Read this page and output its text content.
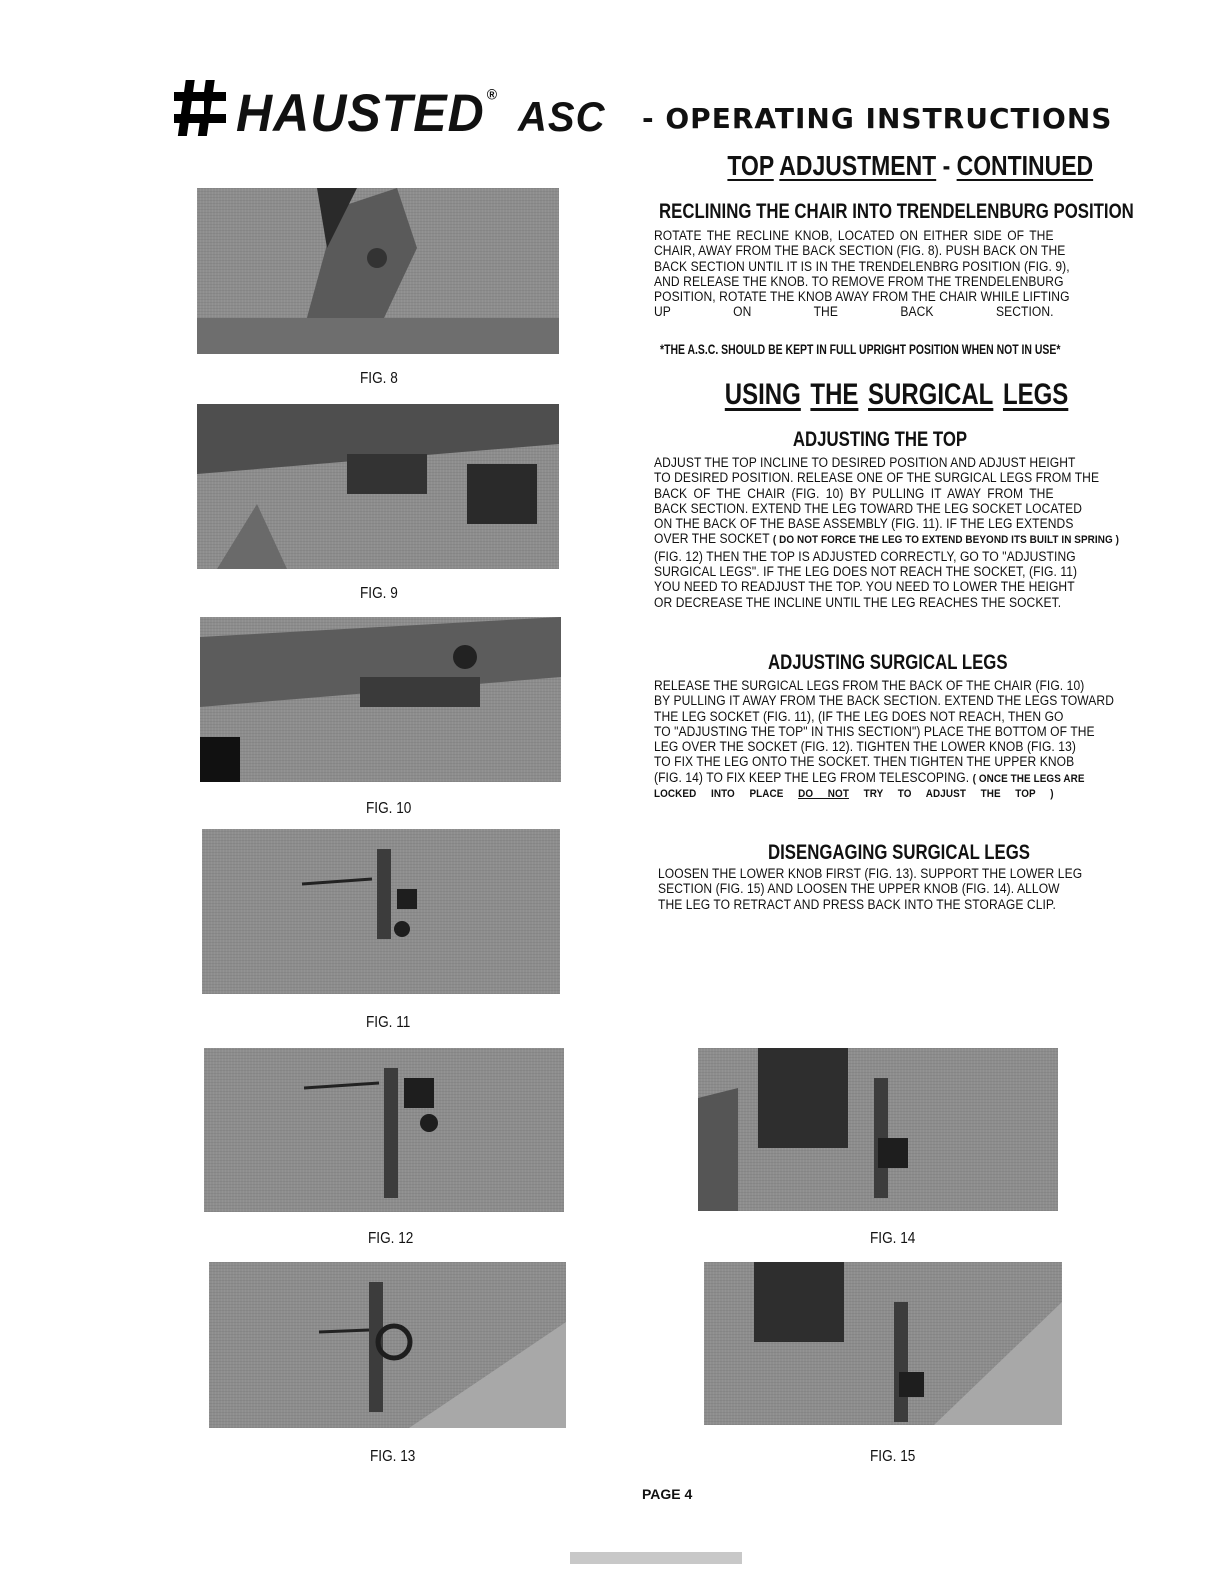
HAUSTED ®ASC - OPERATING INSTRUCTIONS
FIG. 8
FIG. 9
FIG. 10
FIG. 11
FIG. 12
FIG. 13
FIG. 14
FIG. 15
TOP ADJUSTMENT - CONTINUED
RECLINING THE CHAIR INTO TRENDELENBURG POSITION
ROTATE THE RECLINE KNOB, LOCATED ON EITHER SIDE OF THE
CHAIR, AWAY FROM THE BACK SECTION (FIG. 8). PUSH BACK ON THE
BACK SECTION UNTIL IT IS IN THE TRENDELENBRG POSITION (FIG. 9),
AND RELEASE THE KNOB. TO REMOVE FROM THE TRENDELENBURG
POSITION, ROTATE THE KNOB AWAY FROM THE CHAIR WHILE LIFTING
UP ON THE BACK SECTION.
*THE A.S.C. SHOULD BE KEPT IN FULL UPRIGHT POSITION WHEN NOT IN USE*
USING THE SURGICAL LEGS
ADJUSTING THE TOP
ADJUST THE TOP INCLINE TO DESIRED POSITION AND ADJUST HEIGHT
TO DESIRED POSITION. RELEASE ONE OF THE SURGICAL LEGS FROM THE
BACK OF THE CHAIR (FIG. 10) BY PULLING IT AWAY FROM THE
BACK SECTION. EXTEND THE LEG TOWARD THE LEG SOCKET LOCATED
ON THE BACK OF THE BASE ASSEMBLY (FIG. 11). IF THE LEG EXTENDS
OVER THE SOCKET ( DO NOT FORCE THE LEG TO EXTEND BEYOND ITS BUILT IN SPRING )
(FIG. 12) THEN THE TOP IS ADJUSTED CORRECTLY, GO TO "ADJUSTING
SURGICAL LEGS". IF THE LEG DOES NOT REACH THE SOCKET, (FIG. 11)
YOU NEED TO READJUST THE TOP. YOU NEED TO LOWER THE HEIGHT
OR DECREASE THE INCLINE UNTIL THE LEG REACHES THE SOCKET.
ADJUSTING SURGICAL LEGS
RELEASE THE SURGICAL LEGS FROM THE BACK OF THE CHAIR (FIG. 10)
BY PULLING IT AWAY FROM THE BACK SECTION. EXTEND THE LEGS TOWARD
THE LEG SOCKET (FIG. 11), (IF THE LEG DOES NOT REACH, THEN GO
TO "ADJUSTING THE TOP" IN THIS SECTION") PLACE THE BOTTOM OF THE
LEG OVER THE SOCKET (FIG. 12). TIGHTEN THE LOWER KNOB (FIG. 13)
TO FIX THE LEG ONTO THE SOCKET. THEN TIGHTEN THE UPPER KNOB
(FIG. 14) TO FIX KEEP THE LEG FROM TELESCOPING. ( ONCE THE LEGS ARE
LOCKED INTO PLACE DO NOT TRY TO ADJUST THE TOP )
DISENGAGING SURGICAL LEGS
LOOSEN THE LOWER KNOB FIRST (FIG. 13). SUPPORT THE LOWER LEG
SECTION (FIG. 15) AND LOOSEN THE UPPER KNOB (FIG. 14). ALLOW
THE LEG TO RETRACT AND PRESS BACK INTO THE STORAGE CLIP.
PAGE 4
